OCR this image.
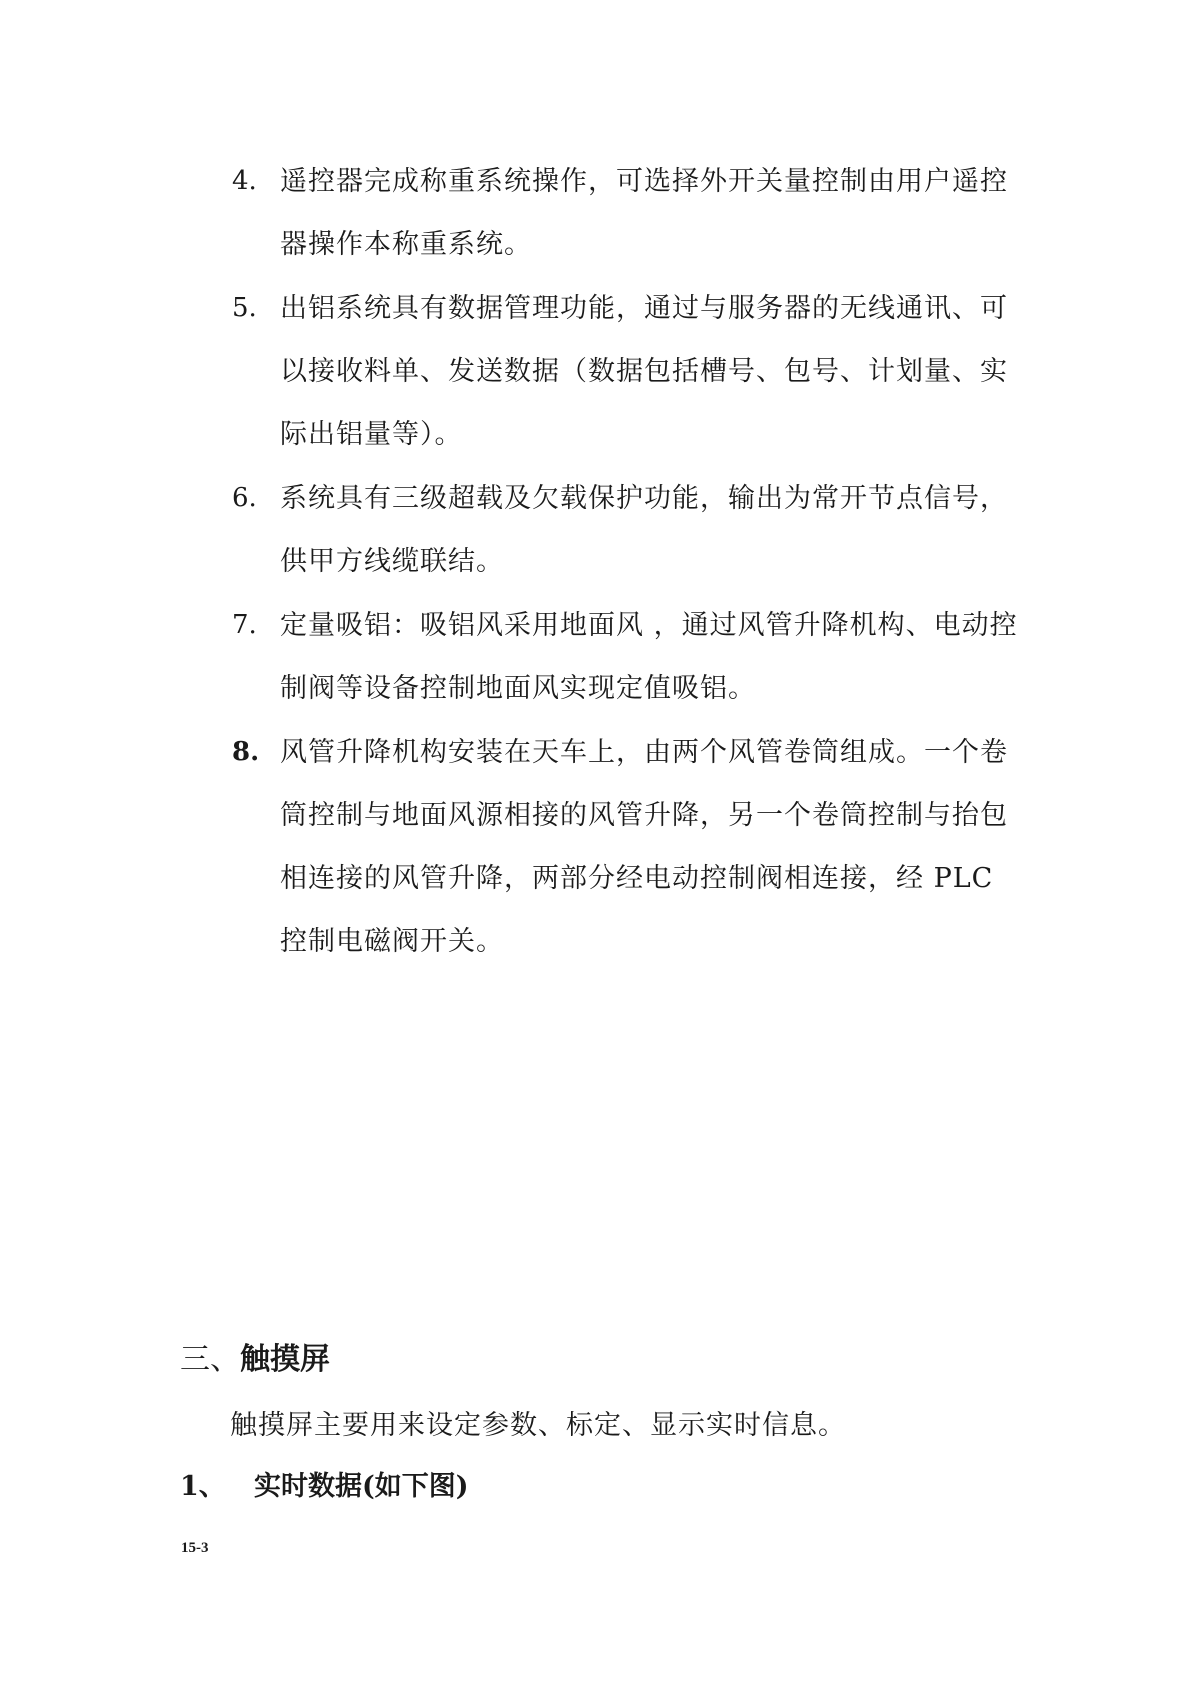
4. 遥控器完成称重系统操作，可选择外开关量控制由用户遥控器操作本称重系统。
5. 出铝系统具有数据管理功能，通过与服务器的无线通讯、可以接收料单、发送数据（数据包括槽号、包号、计划量、实际出铝量等）。
6. 系统具有三级超载及欠载保护功能，输出为常开节点信号，供甲方线缆联结。
7. 定量吸铝：吸铝风采用地面风 ，通过风管升降机构、电动控制阀等设备控制地面风实现定值吸铝。
8. 风管升降机构安装在天车上，由两个风管卷筒组成。一个卷筒控制与地面风源相接的风管升降，另一个卷筒控制与抬包相连接的风管升降，两部分经电动控制阀相连接，经 PLC 控制电磁阀开关。
三、触摸屏
触摸屏主要用来设定参数、标定、显示实时信息。
1、 实时数据(如下图)
15-3
